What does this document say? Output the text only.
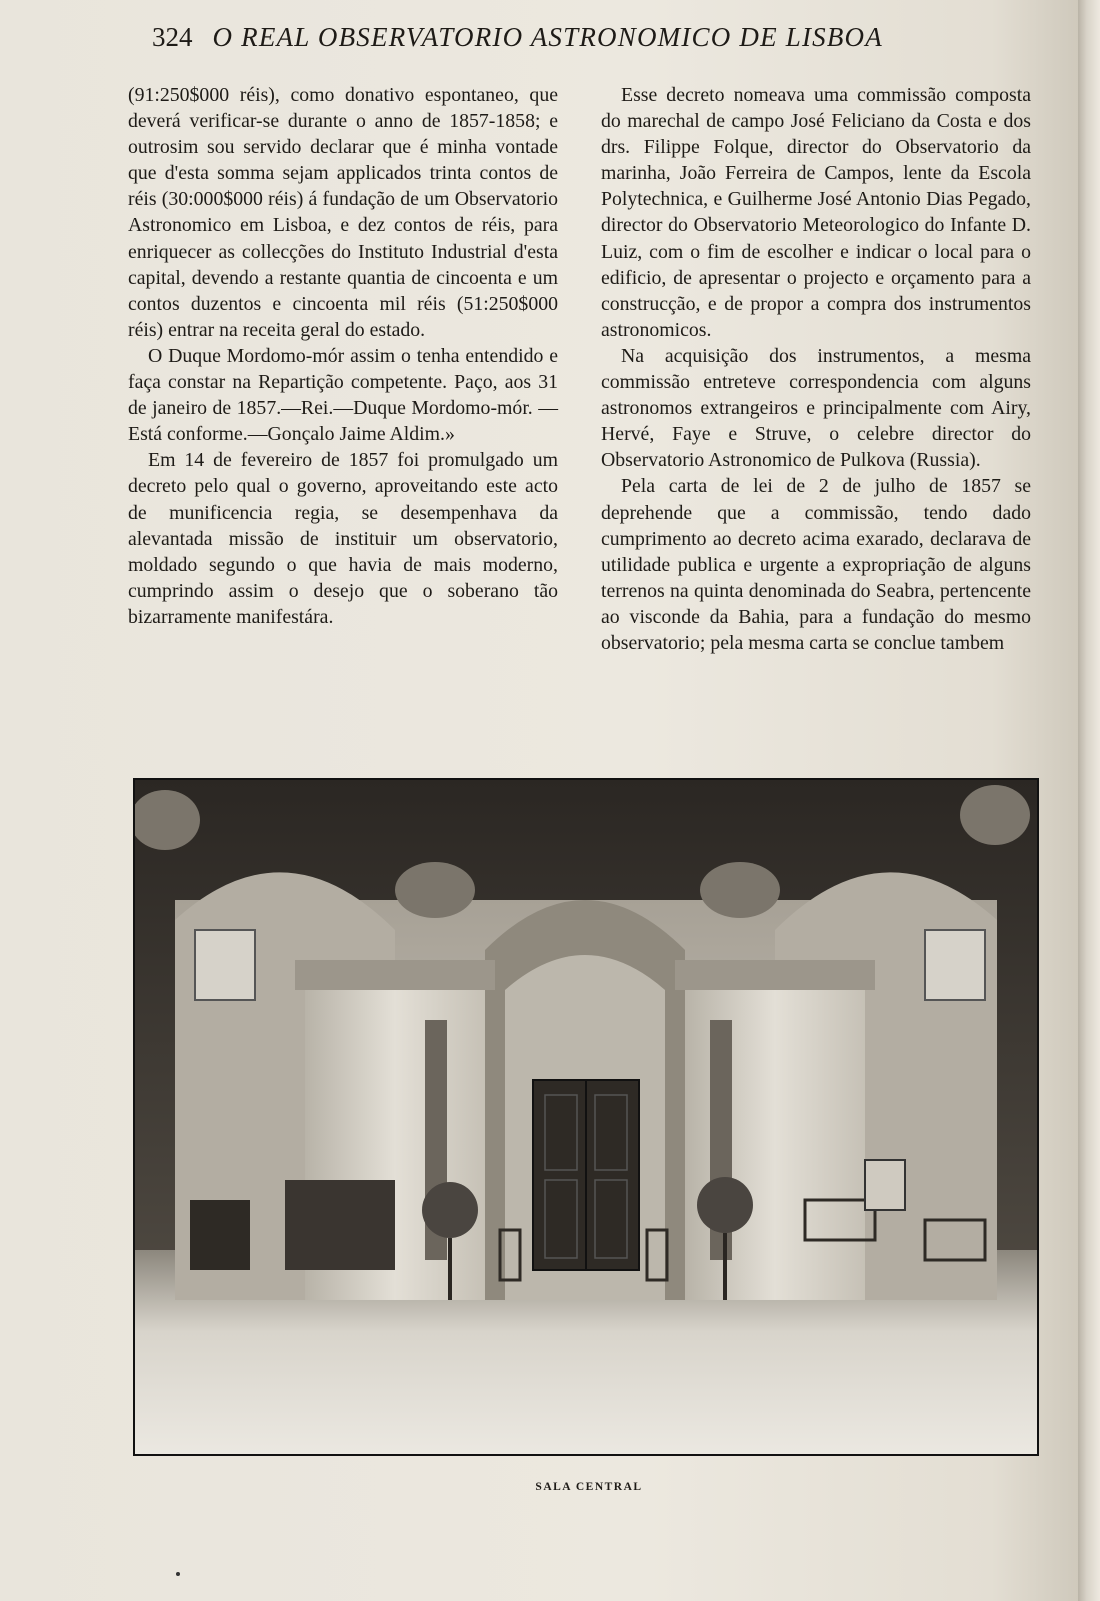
324 O REAL OBSERVATORIO ASTRONOMICO DE LISBOA

(91:250$000 réis), como donativo espontaneo, que deverá verificar-se durante o anno de 1857-1858; e outrosim sou servido declarar que é minha vontade que d'esta somma sejam applicados trinta contos de réis (30:000$000 réis) á fundação de um Observatorio Astronomico em Lisboa, e dez contos de réis, para enriquecer as collecções do Instituto Industrial d'esta capital, devendo a restante quantia de cincoenta e um contos duzentos e cincoenta mil réis (51:250$000 réis) entrar na receita geral do estado.

O Duque Mordomo-mór assim o tenha entendido e faça constar na Repartição competente. Paço, aos 31 de janeiro de 1857.—Rei.—Duque Mordomo-mór. — Está conforme.—Gonçalo Jaime Aldim.»

Em 14 de fevereiro de 1857 foi promulgado um decreto pelo qual o governo, aproveitando este acto de munificencia regia, se desempenhava da alevantada missão de instituir um observatorio, moldado segundo o que havia de mais moderno, cumprindo assim o desejo que o soberano tão bizarramente manifestára.

Esse decreto nomeava uma commissão composta do marechal de campo José Feliciano da Costa e dos drs. Filippe Folque, director do Observatorio da marinha, João Ferreira de Campos, lente da Escola Polytechnica, e Guilherme José Antonio Dias Pegado, director do Observatorio Meteorologico do Infante D. Luiz, com o fim de escolher e indicar o local para o edificio, de apresentar o projecto e orçamento para a construcção, e de propor a compra dos instrumentos astronomicos.

Na acquisição dos instrumentos, a mesma commissão entreteve correspondencia com alguns astronomos extrangeiros e principalmente com Airy, Hervé, Faye e Struve, o celebre director do Observatorio Astronomico de Pulkova (Russia).

Pela carta de lei de 2 de julho de 1857 se deprehende que a commissão, tendo dado cumprimento ao decreto acima exarado, declarava de utilidade publica e urgente a expropriação de alguns terrenos na quinta denominada do Seabra, pertencente ao visconde da Bahia, para a fundação do mesmo observatorio; pela mesma carta se conclue tambem

SALA CENTRAL
